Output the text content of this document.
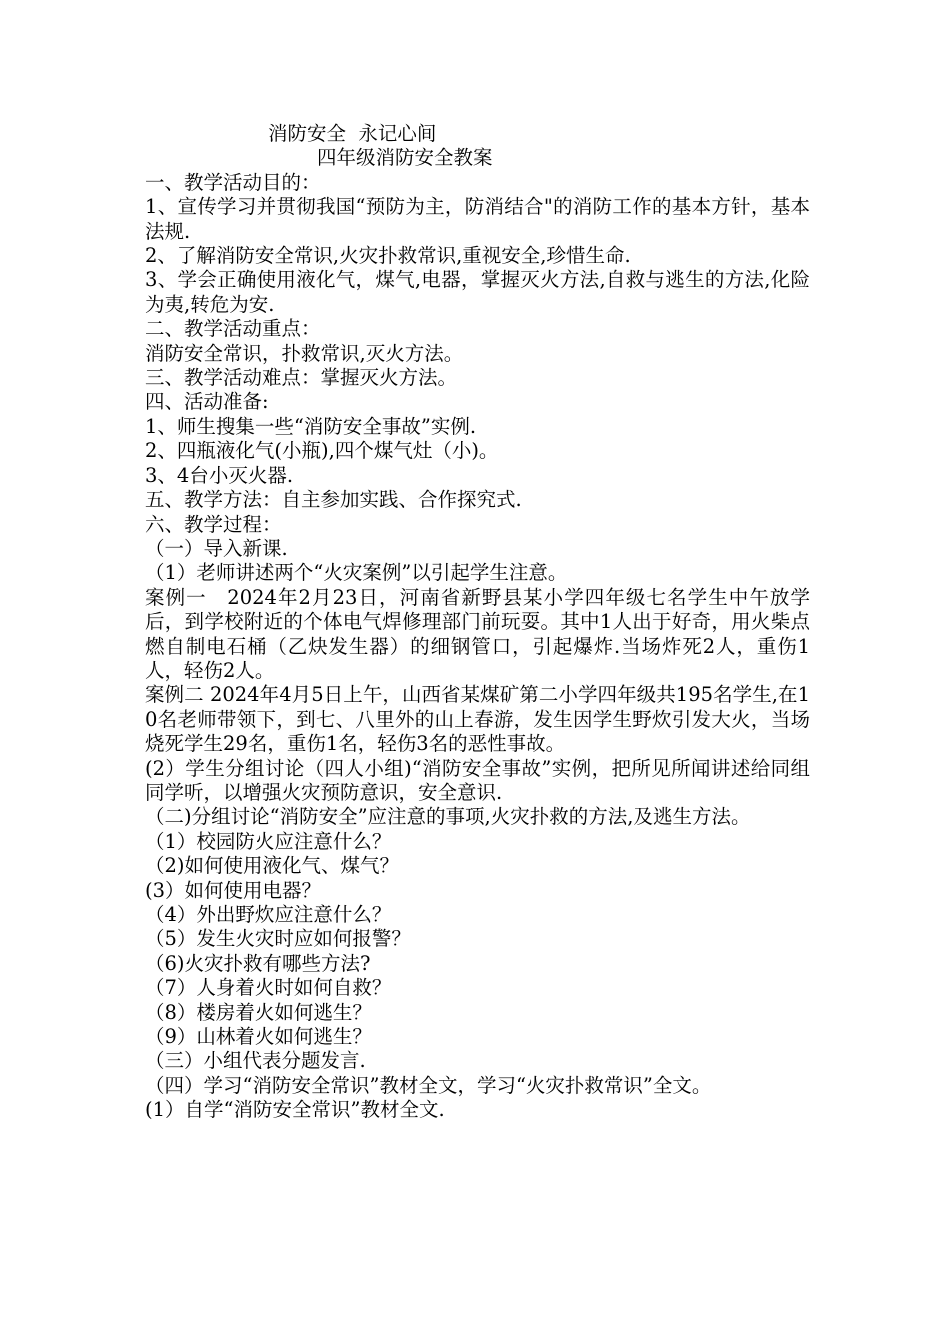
消防安全  永记心间
四年级消防安全教案

一、教学活动目的：

1、宣传学习并贯彻我国“预防为主，防消结合"的消防工作的基本方针，基本法规.

2、了解消防安全常识,火灾扑救常识,重视安全,珍惜生命.

3、学会正确使用液化气，煤气,电器，掌握灭火方法,自救与逃生的方法,化险为夷,转危为安.

二、教学活动重点：

消防安全常识，扑救常识,灭火方法。

三、教学活动难点：掌握灭火方法。

四、活动准备:

1、师生搜集一些“消防安全事故”实例.

2、四瓶液化气(小瓶),四个煤气灶（小)。

3、4台小灭火器.

五、教学方法：自主参加实践、合作探究式.

六、教学过程：

（一）导入新课.

（1）老师讲述两个“火灾案例”以引起学生注意。

案例一　2024年2月23日，河南省新野县某小学四年级七名学生中午放学后，到学校附近的个体电气焊修理部门前玩耍。其中1人出于好奇，用火柴点燃自制电石桶（乙炔发生器）的细钢管口，引起爆炸.当场炸死2人，重伤1人，轻伤2人。

案例二 2024年4月5日上午，山西省某煤矿第二小学四年级共195名学生,在10名老师带领下，到七、八里外的山上春游，发生因学生野炊引发大火，当场烧死学生29名，重伤1名，轻伤3名的恶性事故。

(2）学生分组讨论（四人小组)“消防安全事故”实例，把所见所闻讲述给同组同学听，以增强火灾预防意识，安全意识.

（二)分组讨论“消防安全”应注意的事项,火灾扑救的方法,及逃生方法。

（1）校园防火应注意什么？

（2)如何使用液化气、煤气？

(3）如何使用电器？

（4）外出野炊应注意什么？

（5）发生火灾时应如何报警？

（6)火灾扑救有哪些方法?

（7）人身着火时如何自救？

（8）楼房着火如何逃生？

（9）山林着火如何逃生？

（三）小组代表分题发言.

（四）学习“消防安全常识”教材全文，学习“火灾扑救常识”全文。

(1）自学“消防安全常识”教材全文.
